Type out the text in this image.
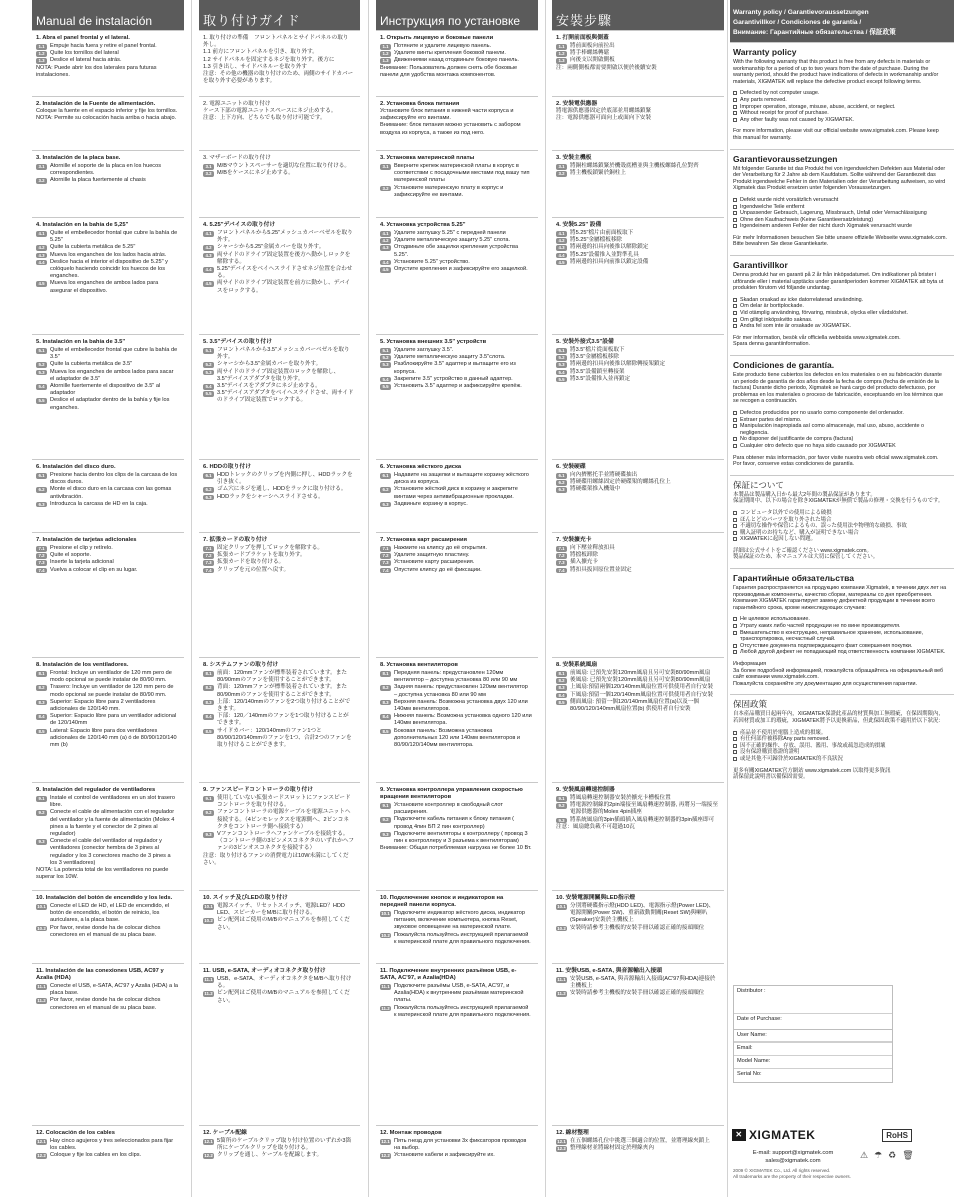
Manual de instalación
1. Abra el panel frontal y el lateral.
1.1 Empuje hacia fuera y retire el panel frontal.
1.2 Quite los tornillos del lateral
1.3 Deslice el lateral hacia atrás.
NOTA: Puede abrir los dos laterales para futuras instalaciones.
2. Instalación de la Fuente de alimentación.
Coloque la fuente en el espacio inferior y fije los tornillos.
NOTA: Permite su colocación hacia arriba o hacia abajo.
3. Instalación de la placa base.
3.1 Atornille el soporte de la placa en los huecos correspondientes.
3.2 Atornille la placa fuertemente al chasis
4. Instalación en la bahía de 5,25"
4.1 Quite el embellecedor frontal que cubre la bahía de 5.25"
4.2 Quite la cubierta metálica de 5.25"
4.3 Mueva los enganches de los lados hacia atrás.
4.4 Deslice hacia el interior el dispositivo de 5.25" y colóquelo haciendo coincidir los huecos de los enganches.
4.5 Mueva los enganches de ambos lados para asegurar el dispositivo.
5. Instalación en la bahía de 3.5"
5.1 Quite el embellecedor frontal que cubre la bahía de 3.5"
5.2 Quite la cubierta metálica de 3.5"
5.3 Mueva los enganches de ambos lados para sacar el adaptador de 3.5"
5.4 Atornille fuertemente el dispositivo de 3.5" al adaptador
5.5 Deslice el adaptador dentro de la bahía y fije los enganches.
6. Instalación del disco duro.
6.1 Presione hacia dentro los clips de la carcasa de los discos duros.
6.2 Monte el disco duro en la carcasa con las gomas antivibración.
6.3 Introduzca la carcasa de HD en la caja.
7. Instalación de tarjetas adicionales
7.1 Presione el clip y retírelo.
7.2 Quite el soporte.
7.3 Inserte la tarjeta adicional
7.4 Vuelva a colocar el clip en su lugar.
8. Instalación de los ventiladores.
8.1 Frontal: Incluye un ventilador de 120 mm pero de modo opcional se puede instalar de 80/90 mm.
8.2 Trasero: Incluye un ventilador de 120 mm pero de modo opcional se puede instalar de 80/90 mm.
8.3 Superior: Espacio libre para 2 ventiladores adicionales de 120/140 mm.
8.4 Superior: Espacio libre para un ventilador adicional de 120/140mm
8.5 Lateral: Espacio libre para dos ventiladores adicionales de 120/140 mm (a) ó de 80/90/120/140 mm (b)
9. Instalación del regulador de ventiladores
9.1 Instale el control de ventiladores en un slot trasero libre.
9.2 Conecte el cable de alimentación con el regulador del ventilador y la fuente de alimentación (Molex 4 pines a la fuente y el conector de 2 pines al regulador)
9.3 Conecte el cable del ventilador al regulador y ventiladores (conector hembra de 3 pines al regulador y los 3 conectores macho de 3 pines a los 3 ventiladores)
NOTA: La potencia total de los ventiladores no puede superar los 10W.
10. Instalación del botón de encendido y los leds.
10.1 Conecte el LED de HD, el LED de encendido, el botón de encendido, el botón de reinicio, los auriculares, a la placa base.
10.2 Por favor, revise donde ha de colocar dichos conectores en el manual de su placa base.
11. Instalación de las conexiones USB, AC97 y Azalia (HDA)
11.1 Conecte el USB, e-SATA, AC'97 y Azalia (HDA) a la placa base.
11.2 Por favor, revise donde ha de colocar dichos conectores en el manual de su placa base.
12. Colocación de los cables
12.1 Hay cinco agujeros y tres seleccionados para fijar los cables.
12.2 Coloque y fije los cables en los clips.
取り付けガイド
1. 取り付けの準備　フロントパネルとサイドパネルの取り外し。
1.1 前方にフロントパネルを引き、取り外す。
1.2 サイドパネルを固定するネジを取り外す。後方に
1.3 引き出し、サイドパネルーを取り外す
注意：その他の機器の取り付けのため、両側のサイドカバーを取り外す必要があります。
2. 電源ユニットの取り付け
ケース下部の電源ユニットスペースにネジ止めする。
注意：上下方向、どちらでも取り付け可能です。
3. マザーボードの取り付け
3.1 M/Bマウントスペーサーを適切な位置に取り付ける。
3.2 M/Bをケースにネジ止めする。
4. 5.25"デバイスの取り付け
4.1 フロントパネルから5.25"メッシュカバーベゼルを取り外す。
4.2 シャーシから5.25"金属カバーを取り外す。
4.3 両サイドのドライブ固定装置を後方へ動かしロックを解除する。
4.4 5.25"デバイスをベイへスライドさせネジ位置を合わせる。
4.5 両サイドのドライブ固定装置を前方に動かし、デバイスをロックする。
5. 3.5"デバイスの取り付け
5.1 フロントパネルから3.5"メッシュカバーベゼルを取り外す。
5.2 シャーシから3.5"金属カバーを取り外す。
5.3 両サイドのドライブ固定装置のロックを解除し、3.5"デバイスアダプタを取り外す。
5.4 3.5"デバイスをアダプタにネジ止めする。
5.5 3.5"デバイスアダプタをベイへスライドさせ、両サイドのドライブ固定装置でロックする。
6. HDDの取り付け
6.1 HDDトレックのクリップを内側に押し、HDDラックを引き抜く。
6.2 ゴム穴にネジを通し、HDDをラックに取り付ける。
6.3 HDDラックをシャーシへスライドさせる。
7. 拡張カードの取り付け
7.1 固定クリップを押してロックを解除する。
7.2 拡張カードブラケットを取り外す。
7.3 拡張カードを取り付ける。
7.4 クリップを元の位置へ戻す。
8. システムファンの取り付け
8.1 前面：120mmファンが標準装着されています。また80/90mmのファンを使用することができます。
8.2 背面：120mmファンが標準装着されています。また80/90mmのファンを使用することができます。
8.3 上部：120/140mmのファンを2つ取り付けることができます。
8.4 下部：120／140mmのファンを1つ取り付けることができます。
8.5 サイドカバー：120/140mmのファン1つと80/90/120/140mmのファンを1つ、合計2つのファンを取り付けることができます。
9. ファンスピードコントローラの取り付け
9.1 使用していない拡張カードスロットにファンスピードコントローラを取り付ける。
9.2 ファンコントローラの電源ケーブルを電源ユニットへ接続する。（4ピンモレックスを電源側へ、2ピンコネクタをコントローラ側へ接続する）
9.3 Vファンコントローラへファンケーブルを接続する。（コントローラ側の3ピンメスコネクタのいずれかへファンの3ピンオスコネクタを接続する）
注意：取り付けるファンの消費電力は10W未満にしてください。
10. スイッチ及びLEDの取り付け
10.1 電源スイッチ、リセットスイッチ、電源LED？HDD LED、スピーカーをM/Bに取り付ける。
10.2 ピン配列はご使用のM/Bのマニュアルを参照してください。
11. USB, e-SATA, オーディオコネクタ取り付け
11.1 USB、e-SATA、オーディオコネクタをM/Bへ取り付ける。
11.2 ピン配列はご使用のM/Bのマニュアルを参照してください。
12. ケーブル配線
12.1 5箇所のケーブルクリップ取り付け位置のいずれか3箇所にケーブルクリップを取り付ける。
12.2 クリップを通し、ケーブルを配線します。
Инструкция по установке
1. Открыть лицевую и боковые панели
1.1 Потяните и удалите лицевую панель.
1.2 Удалите винты крепления боковой панели.
1.3 Движениями назад отодвиньте боковую панель.
Внимание: Пользователь должен снять обе боковые панели для удобства монтажа компонентов.
2. Установка блока питания
Установите блок питания в нижней части корпуса и зафиксируйте его винтами.
Внимание: блок питания можно установить с забором воздуха из корпуса, а также из под него.
3. Установка материнской платы
3.1 Вверните крепеж материнской платы в корпус в соответствии с посадочными местами под вашу тип материнской платы
3.2 Установите материнскую плату в корпус и зафиксируйте ее винтами.
4. Установка устройства 5.25"
4.1 Удалите заглушку 5.25" с передней панели
4.2 Удалите металлическую защиту 5.25" слота.
4.3 Отодвиньте обе защелки крепления устройства 5.25".
4.4 Установите 5.25" устройство.
4.5 Опустите крепления и зафиксируйте его защелкой.
5. Установка внешних 3.5" устройств
5.1 Удалите заглушку 3.5".
5.2 Удалите металлическую защиту 3.5"слота.
5.3 Разблокируйте 3.5" адаптер и вытащите его из корпуса.
5.4 Закрепите 3.5" устройство в данный адаптер.
5.5 Установить 3.5" адаптер и зафиксируйте крепёж.
6. Установка жёсткого диска
6.1 Надавите на защелки и вытащите корзину жёсткого диска из корпуса.
6.2 Установите жёсткий диск в корзину и закрепите винтами через антивибрационные прокладки.
6.3 Задвиньте корзину в корпус.
7. Установка карт расширения
7.1 Нажмите на клипсу до её открытия.
7.2 Удалите защитную пластину.
7.3 Установите карту расширения.
7.4 Опустите клипсу до её фиксации.
8. Установка вентиляторов
8.1 Передняя панель: предустановлен 120мм вентилятор – доступна установка 80 или 90 мм
8.2 Задняя панель: предустановлен 120мм вентилятор – доступна установка 80 или 90 мм
8.3 Верхняя панель: Возможна установка двух 120 или 140мм вентиляторов.
8.4 Нижняя панель: Возможна установка одного 120 или 140мм вентилятора.
8.5 Боковая панель: Возможна установка дополнительных 120 или 140мм вентиляторов и 80/90/120/140мм вентилятора.
9. Установка контроллера управления скоростью вращения вентиляторов
9.1 Установите контроллер в свободный слот расширения.
9.2 Подключите кабель питания к блоку питания ( провод 4пин БП 2 пин контроллер)
9.3 Подключите вентиляторы к контроллеру ( провод 3 пин к контроллеру и 3 разъема к вентиляторам)
Внимание: Общая потребляемая нагрузка не более 10 Вт.
10. Подключение кнопок и индикаторов на передней панели корпуса.
10.1 Подключите индикатор жёсткого диска, индикатор питания, включение компьютера, кнопка Reset, звуковое оповещение на материнской плате.
10.2 Пожалуйста пользуйтесь инструкцией прилагаемой к материнской плате для правильного подключения.
11. Подключение внутренних разъёмов USB, e-SATA, AC'97, и Azalia(HDA)
11.1 Подключите разъёмы USB, e-SATA, AC'97, и Azalia(HDA) к внутренним разъёмам материнской платы.
11.2 Пожалуйста пользуйтесь инструкцией прилагаемой к материнской плате для правильного подключения.
12. Монтаж проводов
12.1 Пять гнезд для установки 3х фиксаторов проводов на выбор.
12.2 Установите кабели и зафиксируйте их.
安裝步驟
1. 打開前面板與側蓋
1.1 將前面板向前拉出
1.2 將手棒螺絲轉鬆
1.3 向後支以開啟側板
注：兩側側板都需要開啟以便於後續安裝
2. 安裝電供應器
將電源供應器固定於底部並用螺絲鎖緊
注：電源供應器可面向上或面向下安裝
3. 安裝主機板
3.1 將銅柱螺絲鎖緊於機殼底槽並與主機板螺絲孔位對齊
3.2 將主機板鎖緊於銅柱上
4. 安裝5.25" 設備
4.1 將5.25"檔片由前面板取下
4.2 將5.25"金屬檔板移除
4.3 將兩邊的扣具向後推以解除鎖定
4.4 將5.25"設備推入並對準孔具
4.5 將兩邊的扣具向前推以鎖定設備
5. 安裝外接式3.5"設備
5.1 將3.5"檔片從面板取下
5.2 將3.5"金屬檔板移除
5.3 將兩邊的扣具向後推以解除轉接架鎖定
5.4 將3.5"設備鎖至轉接架
5.5 將3.5"設備推入並再鎖定
6. 安裝硬碟
6.1 向內擠壓托手並將硬碟抽出
6.2 將硬碟用螺絲固定於硬碟架的螺絲孔位上
6.3 將硬碟架推入機殼中
7. 安裝擴充卡
7.1 向下壓並釋放扣具
7.2 將擋板卸除
7.3 插入擴充卡
7.4 將扣具扳回原位置並固定
8. 安裝系統風扇
8.1 前風扇: 已預先安裝120mm風扇且另可安裝80/90mm風扇
8.2 後風扇: 已預先安裝120mm風扇且另可安裝80/90mm風扇
8.3 上風扇:預留兩個120/140mm風扇位置可供使用者自行安裝
8.4 下風扇:預留一個120/140mm風扇位置可供使用者自行安裝
8.5 側面風扇: 預留一個120/140mm風扇位置(a)以及一個80/90/120/140mm風扇位置(b) 供使用者自行安裝
9. 安裝風扇轉速控制器
9.1 將風扇轉速控制器安裝於擴充卡槽板位置
9.2 將電源控制線的2pin端接至風扇轉速控制器, 再將另一端接至電源供應器的Molex 4pin插座
9.3 將系統風扇的3pin插頭插入風扇轉速控制器的3pin插座即可
注意：風扇總負載不可超過10瓦
10. 安裝電源開關與LED指示燈
10.1 分別將硬碟指示燈(HDD LED)、電源指示燈(Power LED)、電源開關(Power SW)、重新啟動開關(Reset SW)與喇叭(Speaker)安裝於主機板上
10.2 安裝時請參考主機板的安裝手冊以確認正確的接頭順位
11. 安裝USB, e-SATA, 與音源輸出入接頭
11.1 安裝USB, e-SATA, 與音源輸出入接頭(AC'97與HDA)連接於主機板上
11.2 安裝時請參考主機板的安裝手冊以確認正確的接頭順位
12. 線材整理
12.1 在五個螺絲孔位中挑選三個適合的位置，並將理線夾鎖上
12.2 整理線材並將線材固定於理線夾內
Warranty policy / Garantievoraussetzungen
Garantivillkor / Condiciones de garantía /
Внимание: Гарантийные обязательства / 保証政策
Warranty policy
With the following warranty that this product is free from any defects in materials or workmanship for a period of up to two years from the date of purchase. During the warranty period, should the product have indications of defects in workmanship and/or materials, XIGMATEK will replace the defective product except following terms.
Defected by not computer usage.
Any parts removed.
Improper operation, storage, misuse, abuse, accident, or neglect.
Without receipt for proof of purchase.
Any other faulty was not caused by XIGMATEK.
For more information, please visit our official website www.xigmatek.com. Please keep this manual for warranty.
Garantievoraussetzungen
Mit folgender Garantie ist das Produkt frei von irgendwelchen Defekten aus Material oder der Verarbeitung für 2 Jahre ab dem Kaufdatum. Sollte während der Garantiezeit das Produkt irgendwelche Fehler in den Materialien oder der Verarbeitung aufweisen, so wird Xigmatek das Produkt ersetzen unter folgenden Voraussetzungen.
Defekt wurde nicht vorsätzlich verursacht
Irgendwelche Teile entfernt
Unpassender Gebrauch, Lagerung, Missbrauch, Unfall oder Vernachlässigung
Ohne den Kaufnachweis (Keine Garantieersatzleistung)
Irgendeinem anderen Fehler der nicht durch Xigmatek verursacht wurde
Für mehr Informationen besuchen Sie bitte unsere offizielle Webseite www.xigmatek.com.
Bitte bewahren Sie diese Garantiekarte.
Garantivillkor
Denna produkt har en garanti på 2 år från inköpsdatumet. Om indikationer på brister i utförande eller i material upptäcks under garantiperioden kommer XIGMATEK att byta ut produkten förutom vid följande undantag.
Skadan orsakad av icke datorrelaterad användning.
Om delar är borttplockade.
Vid otämplig användning, förvaring, missbruk, olycka eller vårdslöshet.
Om giltigt inköpskvitto saknas.
Andra fel som inte är orsakade av XIGMATEK.
För mer information, besök vår officiella webbsida www.xigmatek.com.
Spara denna garantiinformation.
Condiciones de garantía.
Este producto tiene cubiertos los defectos en los materiales o en su fabricación durante un periodo de garantía de dos años desde la fecha de compra (fecha de emisión de la factura) Durante dicho periodo, Xigmatek se hará cargo del producto defectuoso, por problemas en los materiales o proceso de fabricación, exceptuando en los términos que se recogen a continuación.
Defectos producidos por no usarlo como componente del ordenador.
Extraer partes del mismo.
Manipulación inapropiada así como almacenaje, mal uso, abuso, accidente o negligencia.
No disponer del justificante de compra (factura)
Cualquier otro defecto que no haya sido causado por XIGMATEK
Para obtener más información, por favor visite nuestra web oficial www.xigmatek.com.
Por favor, conserve estas condiciones de garantía.
保証について
本製品は製品購入日から最大2年間の製品保証があります。
保証期間中、以下の場合を除きXIGMATEKが無償で製品の修理・交換を行うものです。
コンピュータ以外での使用による破損
ほんとどのパーツを取り外された場合
不適切な操作や保管によるもの、誤った使用法や物理的な破損、事故
購入証明のお持ちなど、購入が証明できない場合
XIGMATEKに起因しない問題。
詳細は公式サイトをご確認ください www.xigmatek.com。
製品保証のため、本マニュアルは大切に保管してください。
Гарантийные обязательства
Гарантия распространяется на продукцию компании Xigmatek, в течении двух лет на производимые компоненты, качество сборки, материалы со дня приобретения.
Компания XIGMATEK гарантирует замену дефектной продукции в течении всего гарантийного срока, кроме нижеследующих случаев:
Не целевое использование.
Утрату каких либо частей продукции не по вине производителя.
Вмешательство в конструкцию, неправильное хранение, использование, транспортировка, несчастный случай.
Отсутствие документа подтверждающего факт совершения покупки.
Любой другой дефект не попадающий под ответственность компании XIGMATEK.
Информация
За более подробной информацией, пожалуйста обращайтесь на официальный веб сайт компании www.xigmatek.com.
Пожалуйста сохраняйте эту документацию для осуществления гарантии.
保固政策
自本產品購買日起兩年內，XIGMATEK保證此產品的材質與加工無瑕疵，在保固期限內，若因材質或加工的瑕疵，XIGMATEK將予以更換新品，但此保固政策不適用於以下狀況：
產品並不使用於電腦上造成的損壞。
有任何部件被移除Any parts removed.
因不正確的操作、存放、誤用、濫用、事故或疏忽造成的損壞
沒有保證購買憑證的證明
或是其他不可歸咎於XIGMATEK的不良狀況
更多有關XIGMATEK官方網站 www.xigmatek.com 以取得更多資訊
請保留此說明書以備保固需要。
Distributor :
Date of Purchase:
User Name:
Email:
Model Name:
Serial No:
✕ XIGMATEK	RoHS
E-mail: support@xigmatek.com
sales@xigmatek.com
2009 © XIGMATEK Co., Ltd. All rights reserved.
All trademarks are the property of their respective owners.
⚠ ☂ ♻ 🗑
